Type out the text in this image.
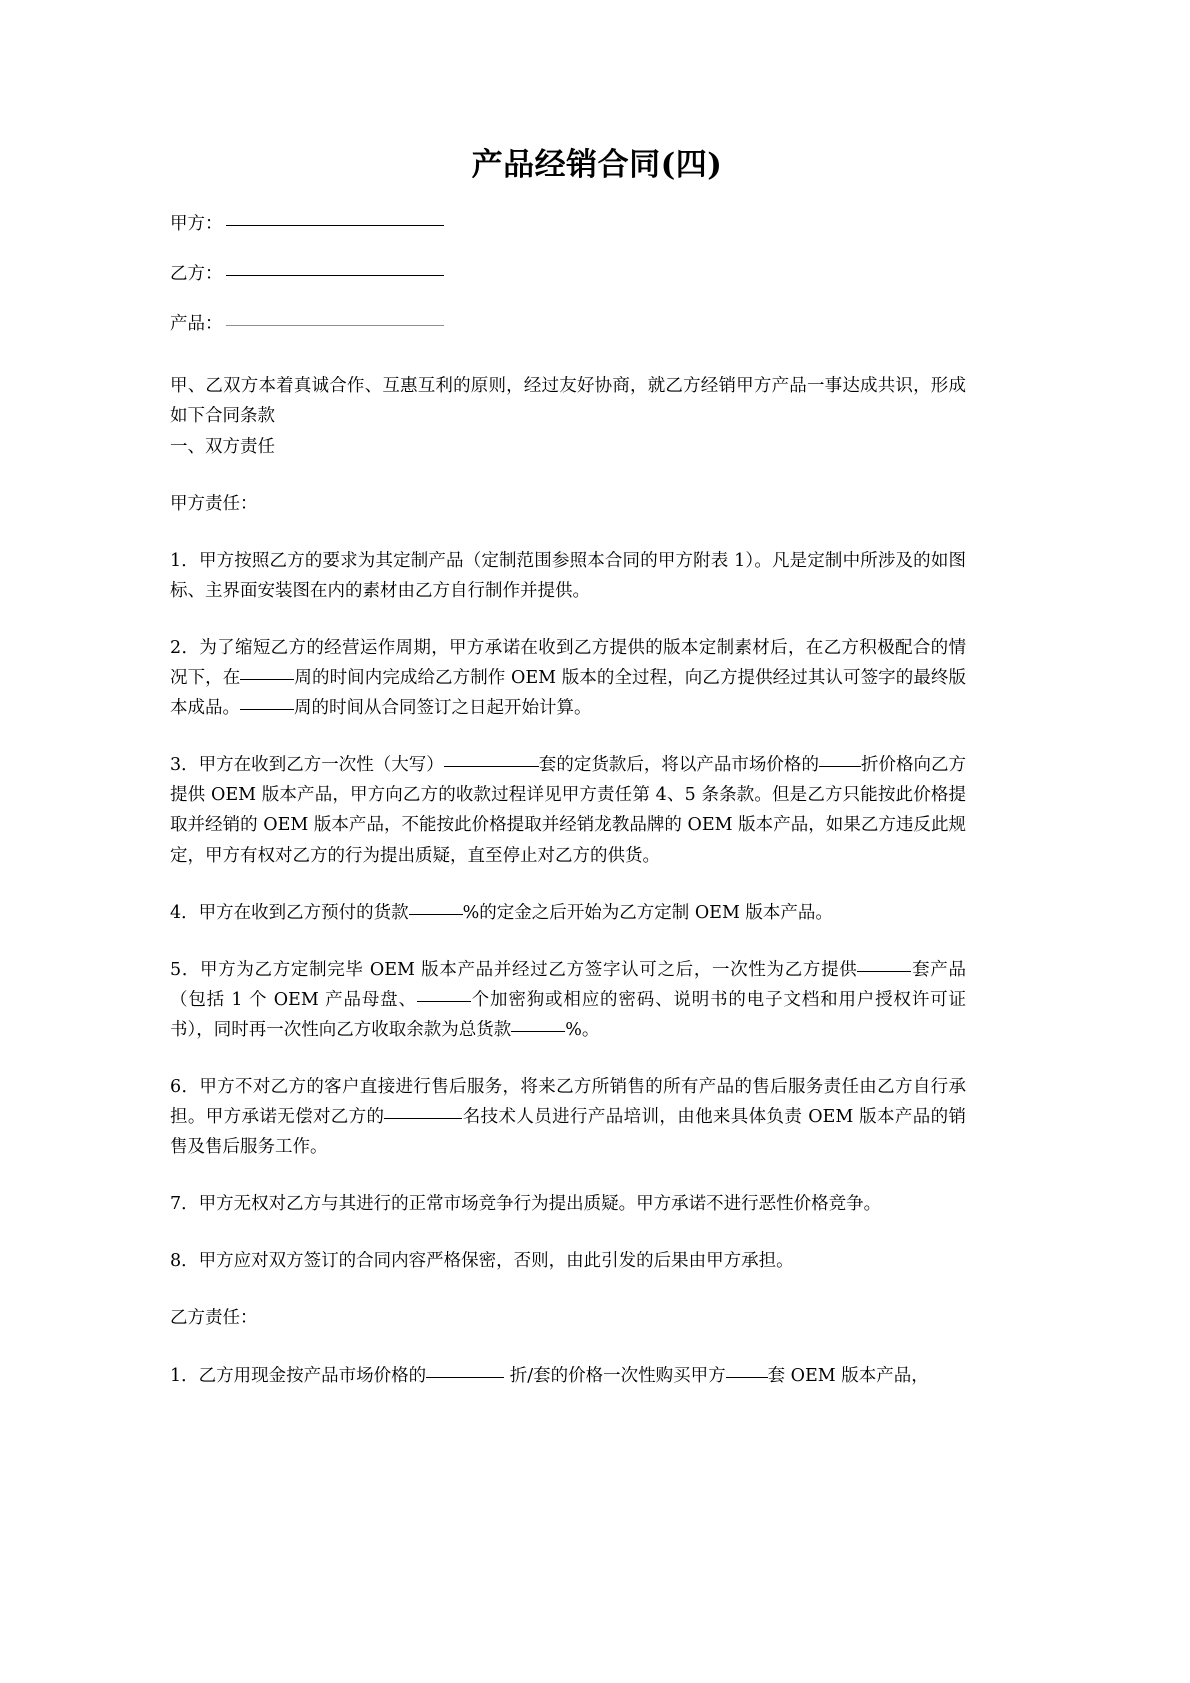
产品经销合同(四)
甲方：
乙方：
产品：

甲、乙双方本着真诚合作、互惠互利的原则，经过友好协商，就乙方经销甲方产品一事达成共识，形成如下合同条款

一、双方责任

甲方责任：

1．甲方按照乙方的要求为其定制产品（定制范围参照本合同的甲方附表 1）。凡是定制中所涉及的如图标、主界面安装图在内的素材由乙方自行制作并提供。

2．为了缩短乙方的经营运作周期，甲方承诺在收到乙方提供的版本定制素材后，在乙方积极配合的情况下，在	周的时间内完成给乙方制作 OEM 版本的全过程，向乙方提供经过其认可签字的最终版本成品。	周的时间从合同签订之日起开始计算。

3．甲方在收到乙方一次性（大写）	套的定货款后，将以产品市场价格的 折价格向乙方提供 OEM 版本产品，甲方向乙方的收款过程详见甲方责任第 4、5 条条款。但是乙方只能按此价格提取并经销的 OEM 版本产品，不能按此价格提取并经销龙教品牌的 OEM 版本产品，如果乙方违反此规定，甲方有权对乙方的行为提出质疑，直至停止对乙方的供货。

4．甲方在收到乙方预付的货款	%的定金之后开始为乙方定制 OEM 版本产品。

5．甲方为乙方定制完毕 OEM 版本产品并经过乙方签字认可之后，一次性为乙方提供	套产品（包括 1 个 OEM 产品母盘、	个加密狗或相应的密码、说明书的电子文档和用户授权许可证书），同时再一次性向乙方收取余款为总货款	%。

6．甲方不对乙方的客户直接进行售后服务，将来乙方所销售的所有产品的售后服务责任由乙方自行承担。甲方承诺无偿对乙方的	名技术人员进行产品培训，由他来具体负责 OEM 版本产品的销售及售后服务工作。

7．甲方无权对乙方与其进行的正常市场竞争行为提出质疑。甲方承诺不进行恶性价格竞争。

8．甲方应对双方签订的合同内容严格保密，否则，由此引发的后果由甲方承担。

乙方责任：

1．乙方用现金按产品市场价格的	折/套的价格一次性购买甲方 套 OEM 版本产品，
